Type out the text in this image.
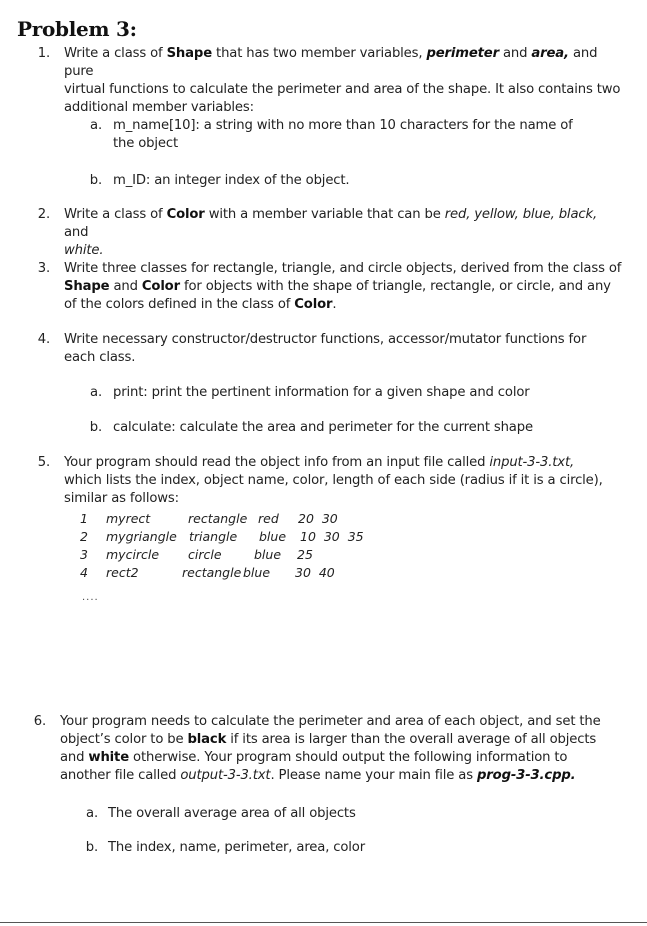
Problem 3:
1. Write a class of Shape that has two member variables, perimeter and area, and pure
virtual functions to calculate the perimeter and area of the shape. It also contains two
additional member variables:
a. m_name[10]: a string with no more than 10 characters for the name of
the object
b. m_ID: an integer index of the object.
2. Write a class of Color with a member variable that can be red, yellow, blue, black, and
white.
3. Write three classes for rectangle, triangle, and circle objects, derived from the class of
Shape and Color for objects with the shape of triangle, rectangle, or circle, and any
of the colors defined in the class of Color.
4. Write necessary constructor/destructor functions, accessor/mutator functions for
each class.
a. print: print the pertinent information for a given shape and color
b. calculate: calculate the area and perimeter for the current shape
5. Your program should read the object info from an input file called input-3-3.txt,
which lists the index, object name, color, length of each side (radius if it is a circle),
similar as follows:
1 myrect	rectangle red 20  30
2 mygriangle triangle blue 10  30  35
3 mycircle circle	blue 25
4 rect2	rectangle blue 30  40
....
6. Your program needs to calculate the perimeter and area of each object, and set the
object’s color to be black if its area is larger than the overall average of all objects
and white otherwise. Your program should output the following information to
another file called output-3-3.txt. Please name your main file as prog-3-3.cpp.
a. The overall average area of all objects
b. The index, name, perimeter, area, color
